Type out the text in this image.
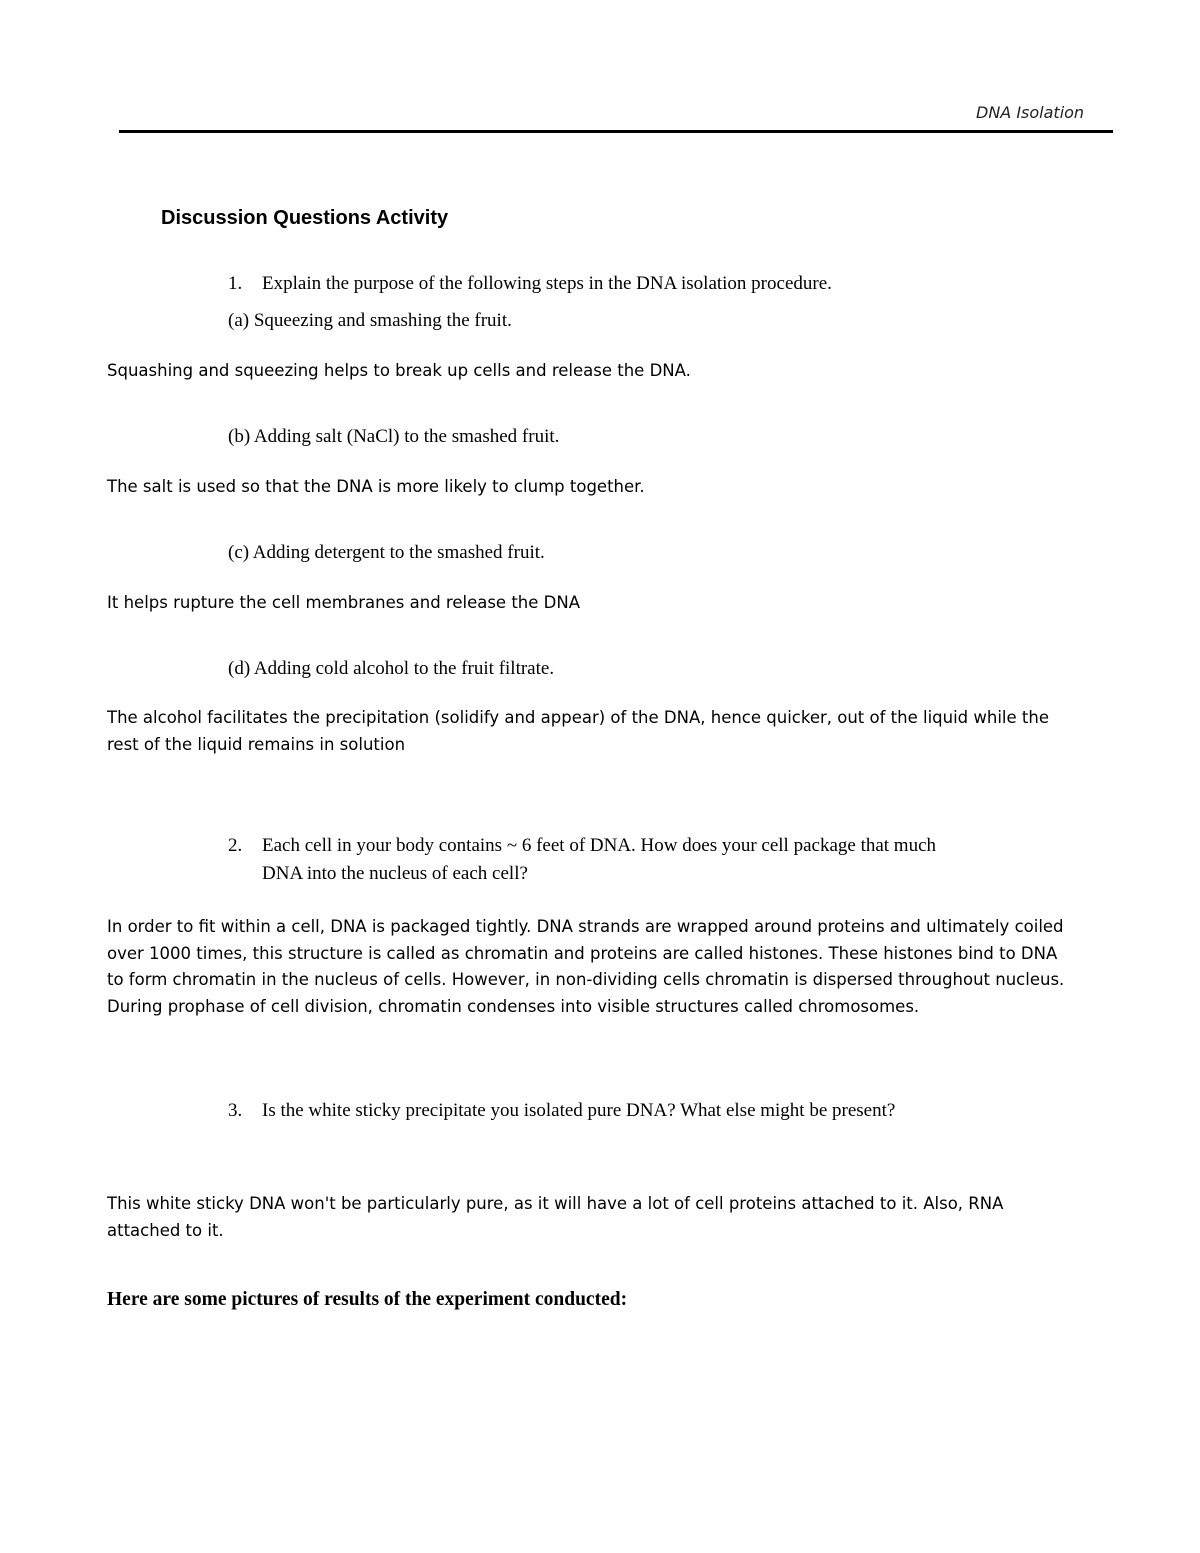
DNA Isolation
Discussion Questions Activity
1. Explain the purpose of the following steps in the DNA isolation procedure.
(a) Squeezing and smashing the fruit.
Squashing and squeezing helps to break up cells and release the DNA.
(b) Adding salt (NaCl) to the smashed fruit.
The salt is used so that the DNA is more likely to clump together.
(c) Adding detergent to the smashed fruit.
It helps rupture the cell membranes and release the DNA
(d) Adding cold alcohol to the fruit filtrate.
The alcohol facilitates the precipitation (solidify and appear) of the DNA, hence quicker, out of the liquid while the
rest of the liquid remains in solution
2. Each cell in your body contains ~ 6 feet of DNA. How does your cell package that much
DNA into the nucleus of each cell?
In order to fit within a cell, DNA is packaged tightly. DNA strands are wrapped around proteins and ultimately coiled
over 1000 times, this structure is called as chromatin and proteins are called histones. These histones bind to DNA
to form chromatin in the nucleus of cells. However, in non-dividing cells chromatin is dispersed throughout nucleus.
During prophase of cell division, chromatin condenses into visible structures called chromosomes.
3. Is the white sticky precipitate you isolated pure DNA? What else might be present?
This white sticky DNA won't be particularly pure, as it will have a lot of cell proteins attached to it. Also, RNA
attached to it.
Here are some pictures of results of the experiment conducted:
